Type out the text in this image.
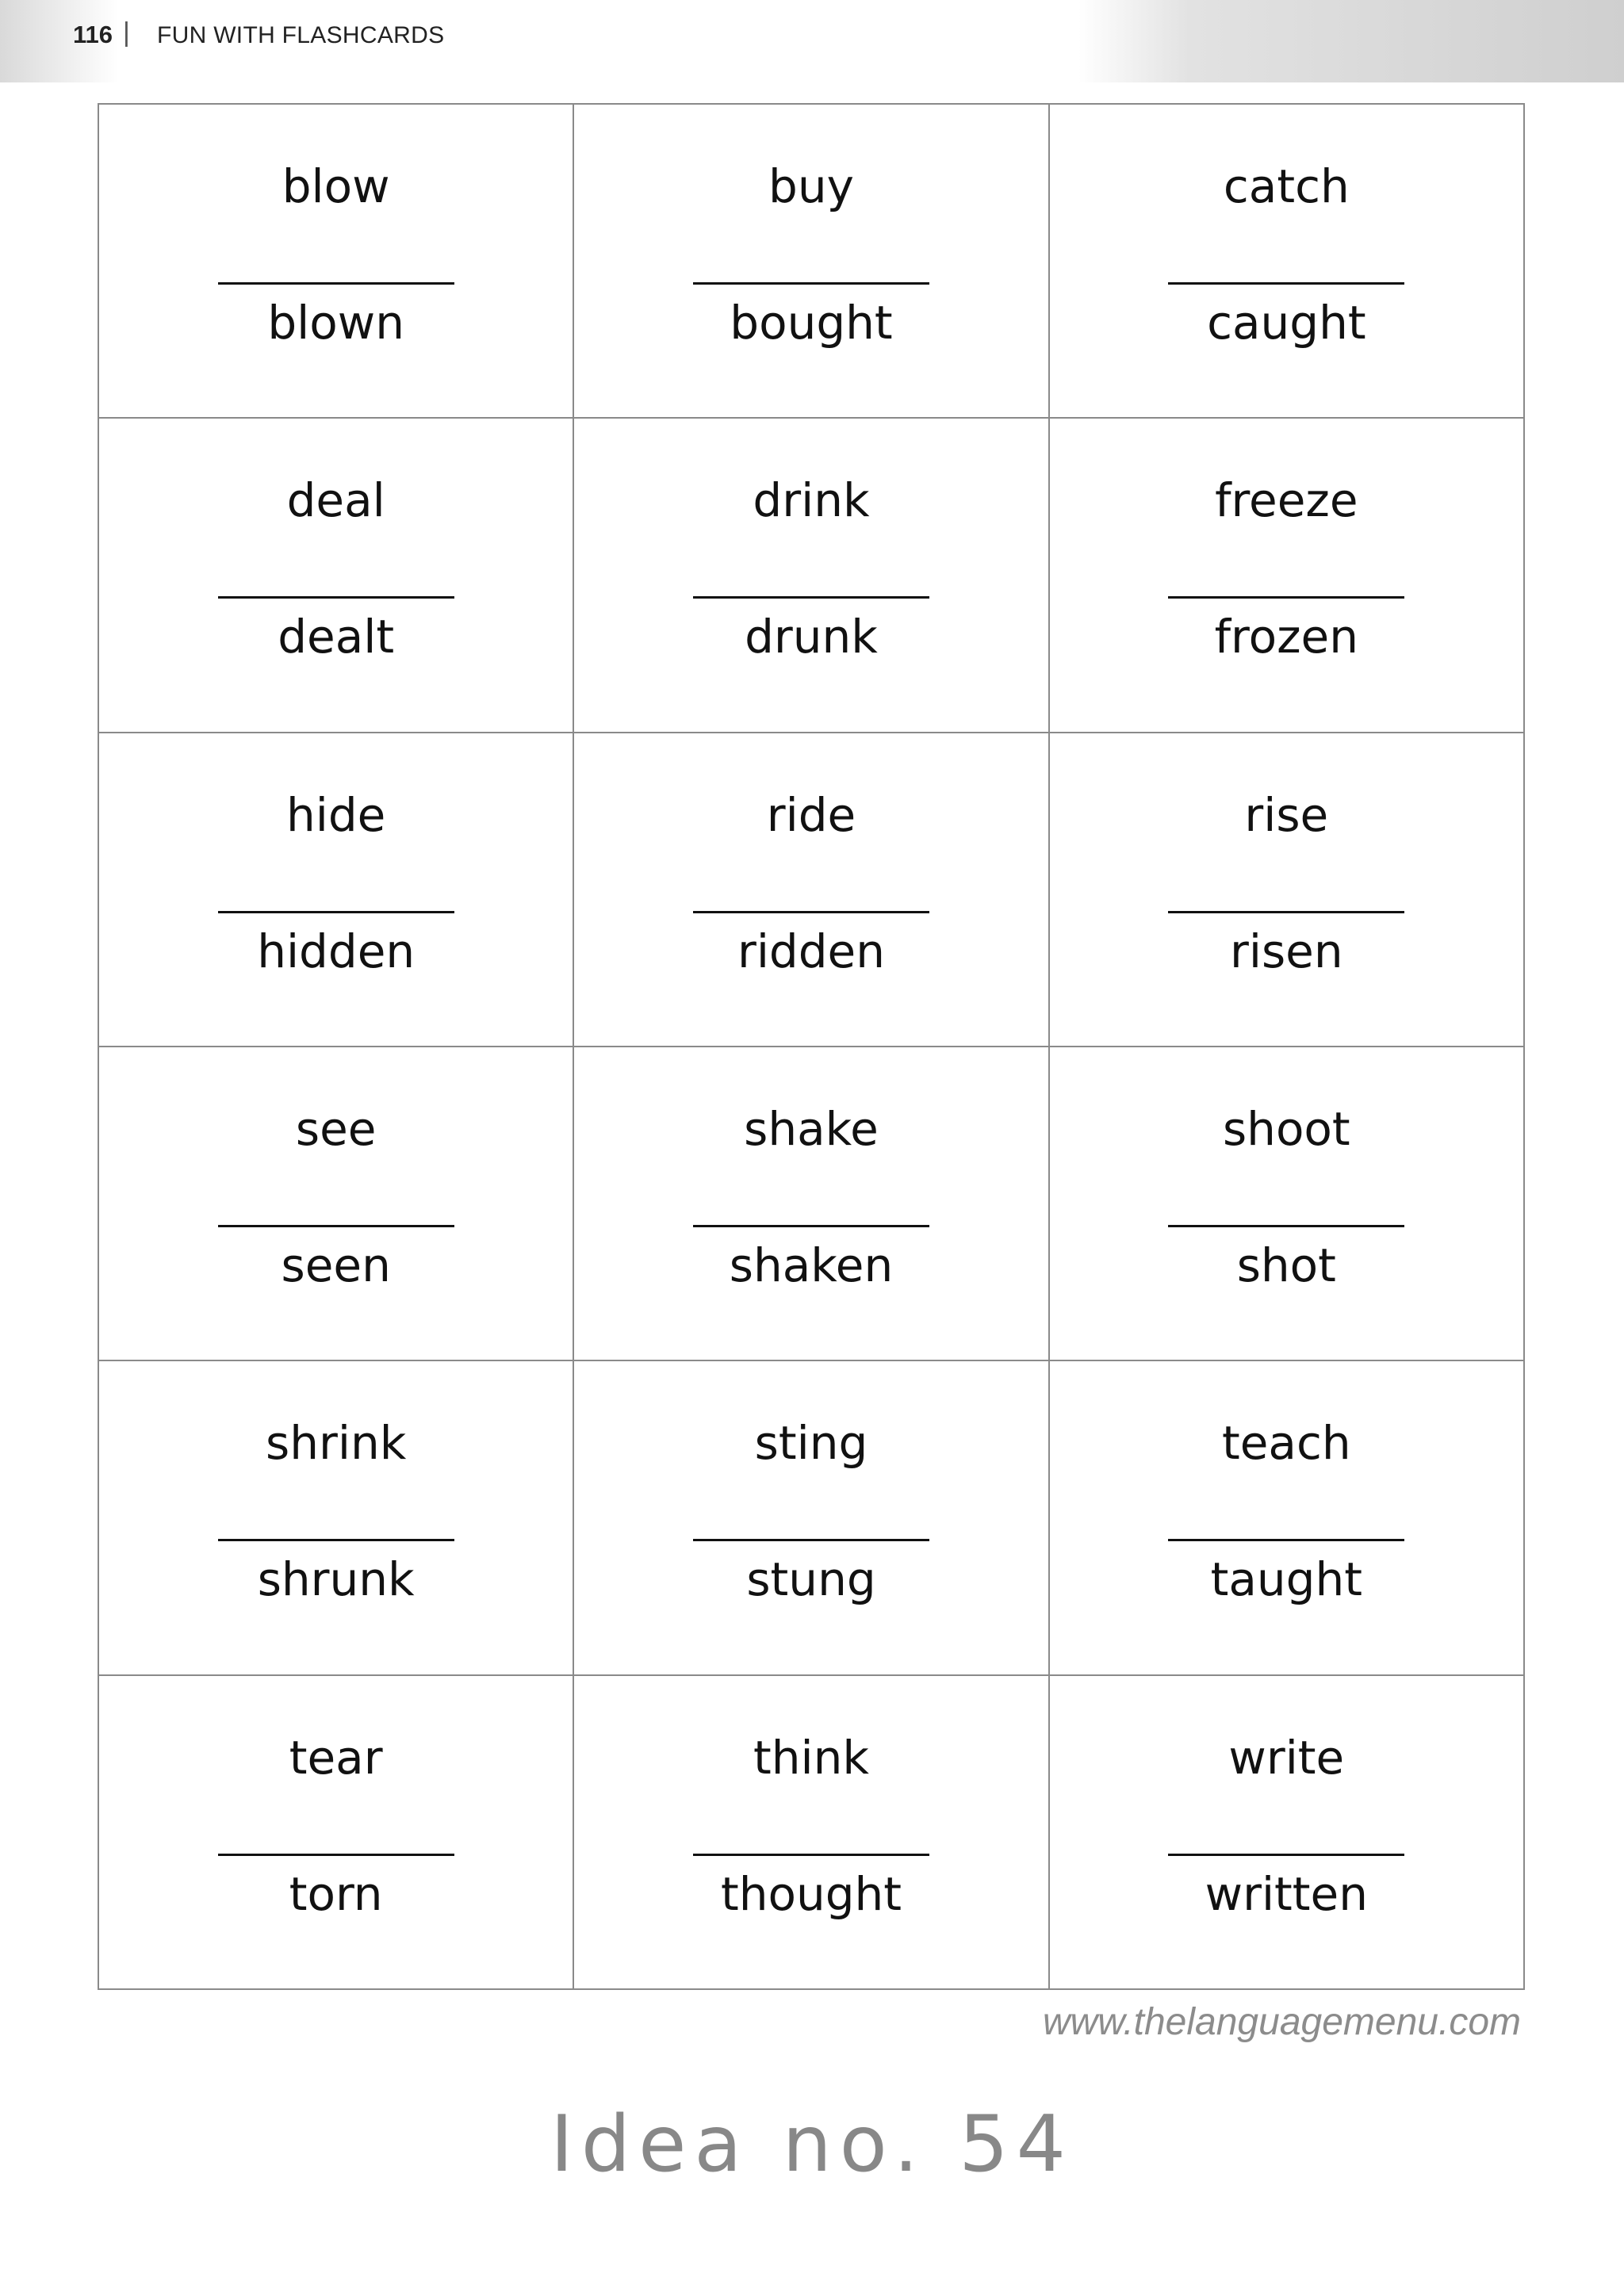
116 | FUN WITH FLASHCARDS
blow
blown
buy
bought
catch
caught
deal
dealt
drink
drunk
freeze
frozen
hide
hidden
ride
ridden
rise
risen
see
seen
shake
shaken
shoot
shot
shrink
shrunk
sting
stung
teach
taught
tear
torn
think
thought
write
written
www.thelanguagemenu.com
Idea no. 54
